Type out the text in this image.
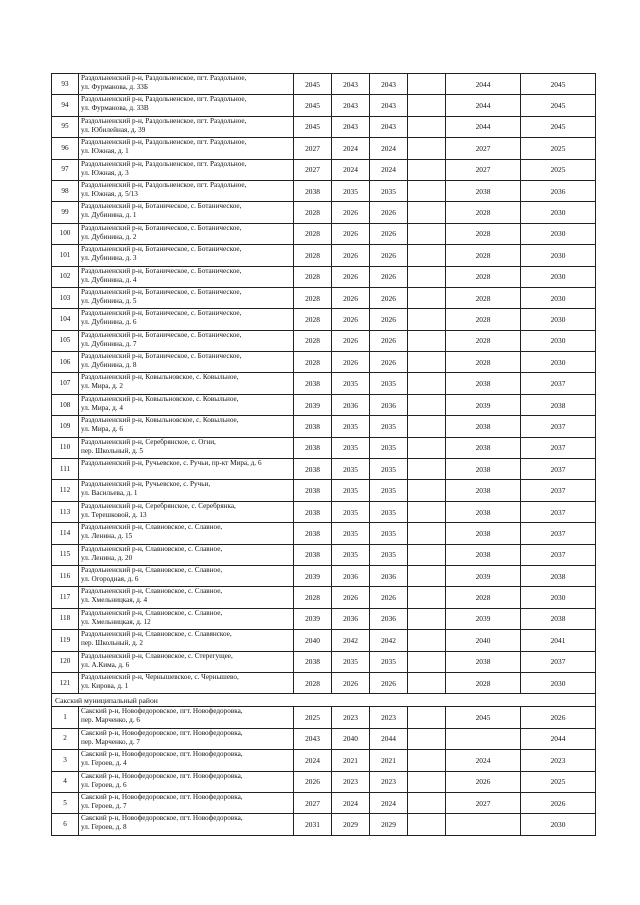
93	Раздольненский р-н, Раздольненское, пгт. Раздольное,
ул. Фурманова, д. 33Б	2045	2043	2043		2044	2045
94	Раздольненский р-н, Раздольненское, пгт. Раздольное,
ул. Фурманова, д. 33В	2045	2043	2043		2044	2045
95	Раздольненский р-н, Раздольненское, пгт. Раздольное,
ул. Юбилейная, д. 39	2045	2043	2043		2044	2045
96	Раздольненский р-н, Раздольненское, пгт. Раздольное,
ул. Южная, д. 1	2027	2024	2024		2027	2025
97	Раздольненский р-н, Раздольненское, пгт. Раздольное,
ул. Южная, д. 3	2027	2024	2024		2027	2025
98	Раздольненский р-н, Раздольненское, пгт. Раздольное,
ул. Южная, д. 5/13	2038	2035	2035		2038	2036
99	Раздольненский р-н, Ботаническое, с. Ботаническое,
ул. Дубинина, д. 1	2028	2026	2026		2028	2030
100	Раздольненский р-н, Ботаническое, с. Ботаническое,
ул. Дубинина, д. 2	2028	2026	2026		2028	2030
101	Раздольненский р-н, Ботаническое, с. Ботаническое,
ул. Дубинина, д. 3	2028	2026	2026		2028	2030
102	Раздольненский р-н, Ботаническое, с. Ботаническое,
ул. Дубинина, д. 4	2028	2026	2026		2028	2030
103	Раздольненский р-н, Ботаническое, с. Ботаническое,
ул. Дубинина, д. 5	2028	2026	2026		2028	2030
104	Раздольненский р-н, Ботаническое, с. Ботаническое,
ул. Дубинина, д. 6	2028	2026	2026		2028	2030
105	Раздольненский р-н, Ботаническое, с. Ботаническое,
ул. Дубинина, д. 7	2028	2026	2026		2028	2030
106	Раздольненский р-н, Ботаническое, с. Ботаническое,
ул. Дубинина, д. 8	2028	2026	2026		2028	2030
107	Раздольненский р-н, Ковыльновское, с. Ковыльное,
ул. Мира, д. 2	2038	2035	2035		2038	2037
108	Раздольненский р-н, Ковыльновское, с. Ковыльное,
ул. Мира, д. 4	2039	2036	2036		2039	2038
109	Раздольненский р-н, Ковыльновское, с. Ковыльное,
ул. Мира, д. 6	2038	2035	2035		2038	2037
110	Раздольненский р-н, Серебрянское, с. Огни,
пер. Школьный, д. 5	2038	2035	2035		2038	2037
111	Раздольненский р-н, Ручьевское, с. Ручьи, пр-кт Мира, д. 6	2038	2035	2035		2038	2037
112	Раздольненский р-н, Ручьевское, с. Ручьи,
ул. Васильева, д. 1	2038	2035	2035		2038	2037
113	Раздольненский р-н, Серебрянское, с. Серебрянка,
ул. Терешковой, д. 13	2038	2035	2035		2038	2037
114	Раздольненский р-н, Славновское, с. Славное,
ул. Ленина, д. 15	2038	2035	2035		2038	2037
115	Раздольненский р-н, Славновское, с. Славное,
ул. Ленина, д. 20	2038	2035	2035		2038	2037
116	Раздольненский р-н, Славновское, с. Славное,
ул. Огородная, д. 6	2039	2036	2036		2039	2038
117	Раздольненский р-н, Славновское, с. Славное,
ул. Хмельницкая, д. 4	2028	2026	2026		2028	2030
118	Раздольненский р-н, Славновское, с. Славное,
ул. Хмельницкая, д. 12	2039	2036	2036		2039	2038
119	Раздольненский р-н, Славновское, с. Славянское,
пер. Школьный, д. 2	2040	2042	2042		2040	2041
120	Раздольненский р-н, Славновское, с. Стерегущее,
ул. А.Кима, д. 6	2038	2035	2035		2038	2037
121	Раздольненский р-н, Чернышевское, с. Чернышево,
ул. Кирова, д. 1	2028	2026	2026		2028	2030
Сакский муниципальный район							
1	Сакский р-н, Новофедоровское, пгт. Новофедоровка,
пер. Марченко, д. 6	2025	2023	2023		2045	2026
2	Сакский р-н, Новофедоровское, пгт. Новофедоровка,
пер. Марченко, д. 7	2043	2040	2044			2044
3	Сакский р-н, Новофедоровское, пгт. Новофедоровка,
ул. Героев, д. 4	2024	2021	2021		2024	2023
4	Сакский р-н, Новофедоровское, пгт. Новофедоровка,
ул. Героев, д. 6	2026	2023	2023		2026	2025
5	Сакский р-н, Новофедоровское, пгт. Новофедоровка,
ул. Героев, д. 7	2027	2024	2024		2027	2026
6	Сакский р-н, Новофедоровское, пгт. Новофедоровка,
ул. Героев, д. 8	2031	2029	2029			2030
